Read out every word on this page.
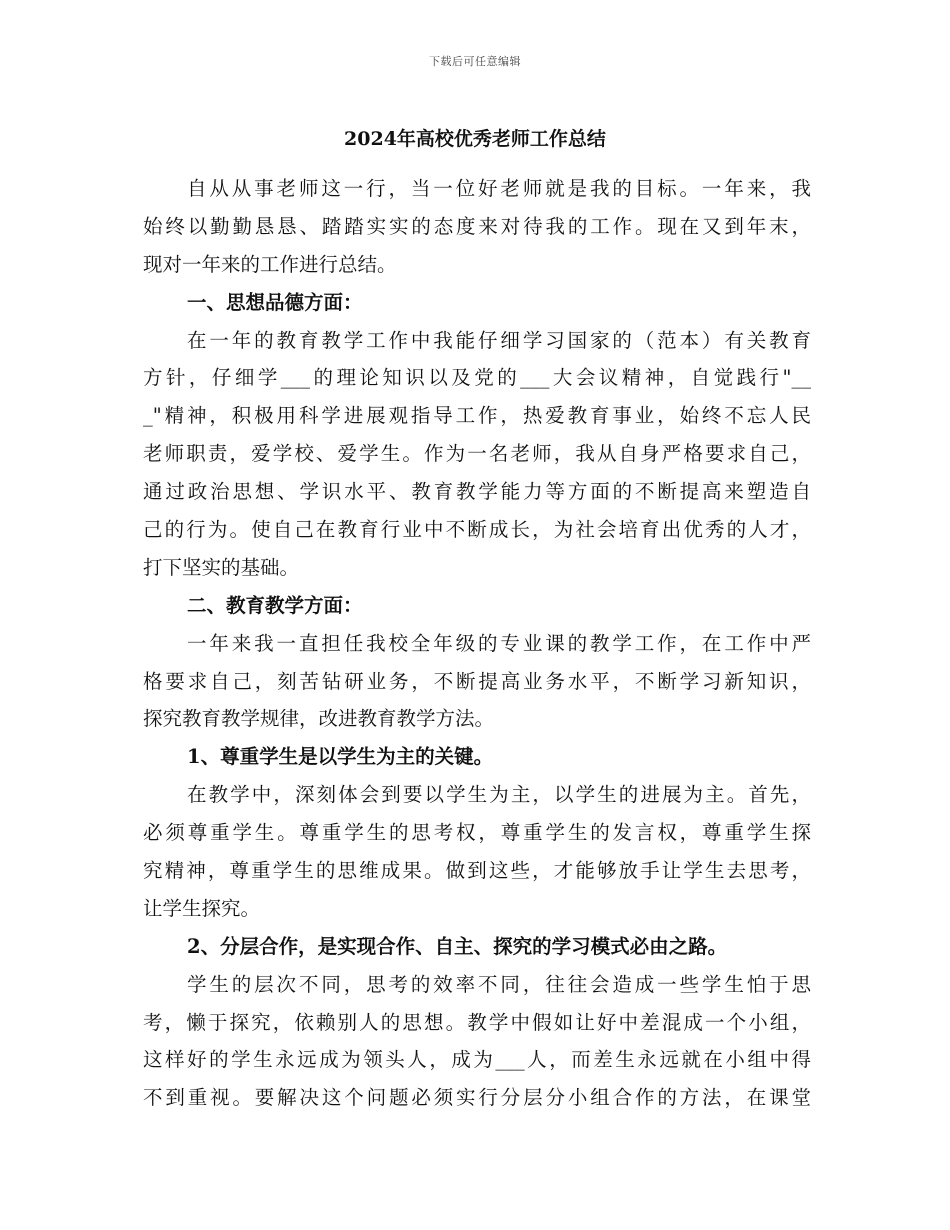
下载后可任意编辑
2024年高校优秀老师工作总结
自从从事老师这一行，当一位好老师就是我的目标。一年来，我
始终以勤勤恳恳、踏踏实实的态度来对待我的工作。现在又到年末，
现对一年来的工作进行总结。
一、思想品德方面：
在一年的教育教学工作中我能仔细学习国家的（范本）有关教育
方针，仔细学___的理论知识以及党的___大会议精神，自觉践行"__
_"精神，积极用科学进展观指导工作，热爱教育事业，始终不忘人民
老师职责，爱学校、爱学生。作为一名老师，我从自身严格要求自己，
通过政治思想、学识水平、教育教学能力等方面的不断提高来塑造自
己的行为。使自己在教育行业中不断成长，为社会培育出优秀的人才，
打下坚实的基础。
二、教育教学方面：
一年来我一直担任我校全年级的专业课的教学工作，在工作中严
格要求自己，刻苦钻研业务，不断提高业务水平，不断学习新知识，
探究教育教学规律，改进教育教学方法。
1、尊重学生是以学生为主的关键。
在教学中，深刻体会到要以学生为主，以学生的进展为主。首先，
必须尊重学生。尊重学生的思考权，尊重学生的发言权，尊重学生探
究精神，尊重学生的思维成果。做到这些，才能够放手让学生去思考，
让学生探究。
2、分层合作，是实现合作、自主、探究的学习模式必由之路。
学生的层次不同，思考的效率不同，往往会造成一些学生怕于思
考，懒于探究，依赖别人的思想。教学中假如让好中差混成一个小组，
这样好的学生永远成为领头人，成为___人，而差生永远就在小组中得
不到重视。要解决这个问题必须实行分层分小组合作的方法，在课堂
